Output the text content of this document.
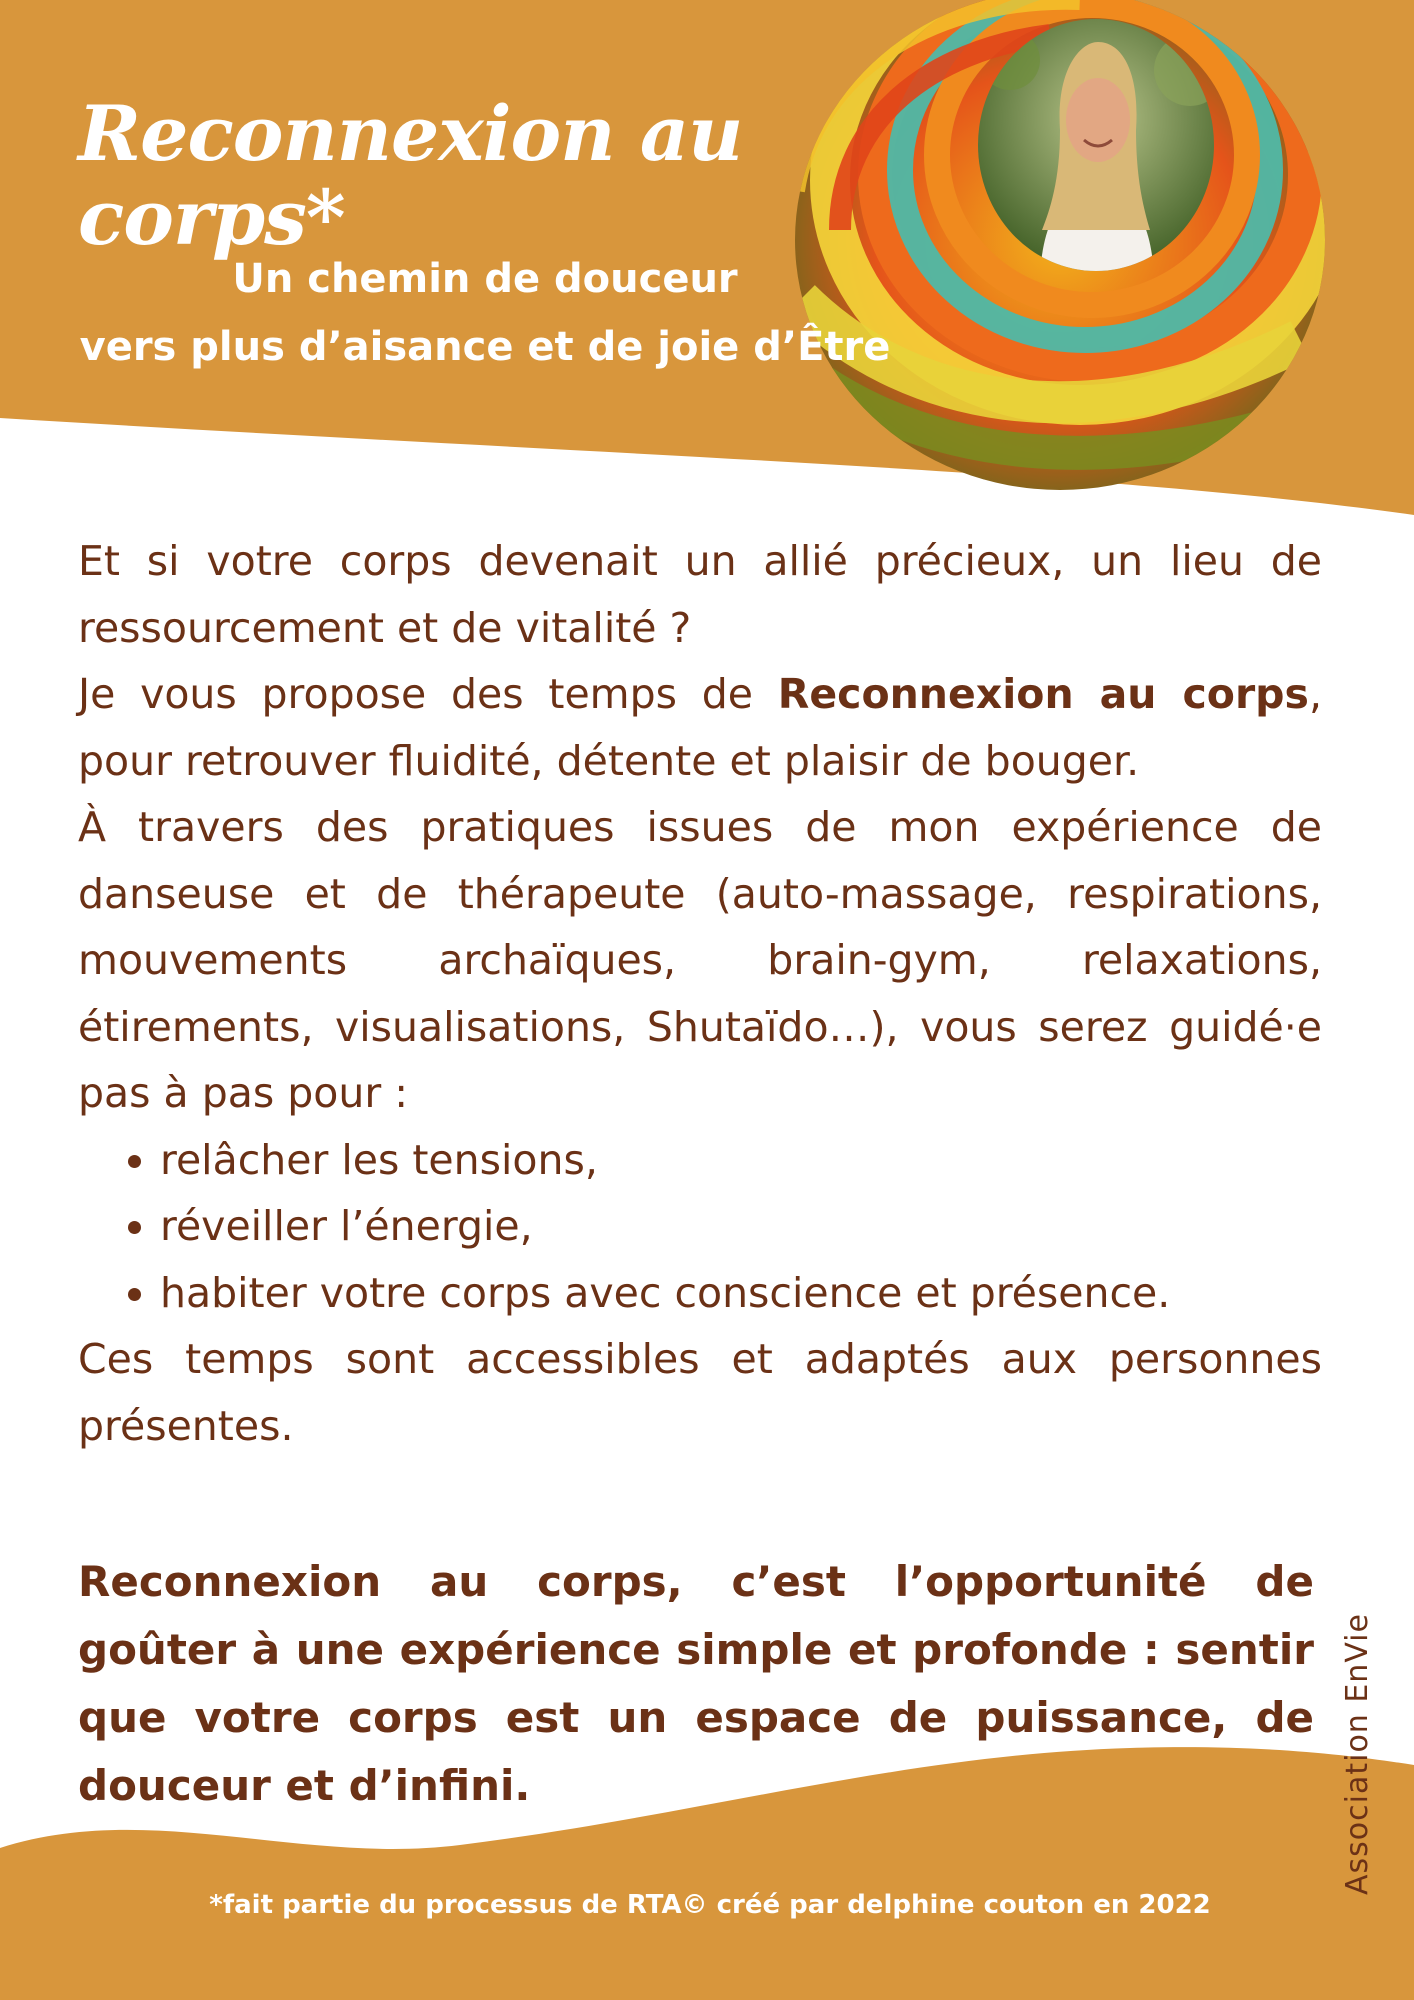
Reconnexion au corps*
Un chemin de douceur
vers plus d’aisance et de joie d’Être

Et si votre corps devenait un allié précieux, un lieu de ressourcement et de vitalité ?

Je vous propose des temps de Reconnexion au corps, pour retrouver fluidité, détente et plaisir de bouger.

À travers des pratiques issues de mon expérience de danseuse et de thérapeute (auto-massage, respirations, mouvements archaïques, brain-gym, relaxations, étirements, visualisations, Shutaïdo…), vous serez guidé·e pas à pas pour :

• relâcher les tensions,
• réveiller l’énergie,
• habiter votre corps avec conscience et présence.

Ces temps sont accessibles et adaptés aux personnes présentes.

Reconnexion au corps, c’est l’opportunité de goûter à une expérience simple et profonde : sentir que votre corps est un espace de puissance, de douceur et d’infini.

*fait partie du processus de RTA© créé par delphine couton en 2022

Association EnVie
